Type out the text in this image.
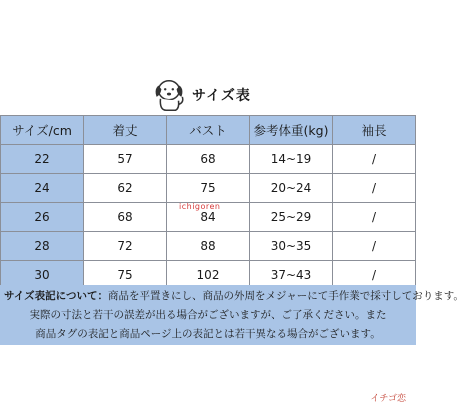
サイズ表
サイズ/cm	着丈	バスト	参考体重(kg)	袖長
22	57	68	14~19	/
24	62	75	20~24	/
26	68	84	25~29	/
28	72	88	30~35	/
30	75	102	37~43	/
ichigoren
サイズ表記について：商品を平置きにし、商品の外周をメジャーにて手作業で採寸しております。
実際の寸法と若干の誤差が出る場合がございますが、ご了承ください。また
商品タグの表記と商品ページ上の表記とは若干異なる場合がございます。
イチゴ恋
